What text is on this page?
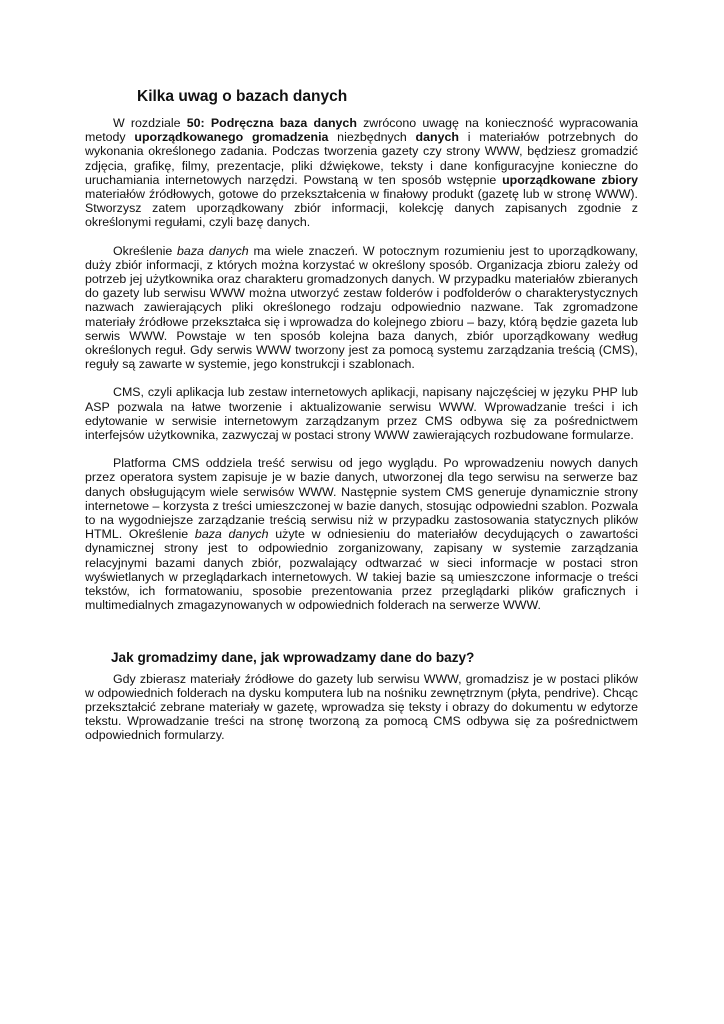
Kilka uwag o bazach danych

W rozdziale 50: Podręczna baza danych zwrócono uwagę na konieczność wypracowania metody uporządkowanego gromadzenia niezbędnych danych i materiałów potrzebnych do wykonania określonego zadania. Podczas tworzenia gazety czy strony WWW, będziesz gromadzić zdjęcia, grafikę, filmy, prezentacje, pliki dźwiękowe, teksty i dane konfiguracyjne konieczne do uruchamiania internetowych narzędzi. Powstaną w ten sposób wstępnie uporządkowane zbiory materiałów źródłowych, gotowe do przekształcenia w finałowy produkt (gazetę lub w stronę WWW). Stworzysz zatem uporządkowany zbiór informacji, kolekcję danych zapisanych zgodnie z określonymi regułami, czyli bazę danych.

Określenie baza danych ma wiele znaczeń. W potocznym rozumieniu jest to uporządkowany, duży zbiór informacji, z których można korzystać w określony sposób. Organizacja zbioru zależy od potrzeb jej użytkownika oraz charakteru gromadzonych danych. W przypadku materiałów zbieranych do gazety lub serwisu WWW można utworzyć zestaw folderów i podfolderów o charakterystycznych nazwach zawierających pliki określonego rodzaju odpowiednio nazwane. Tak zgromadzone materiały źródłowe przekształca się i wprowadza do kolejnego zbioru – bazy, którą będzie gazeta lub serwis WWW. Powstaje w ten sposób kolejna baza danych, zbiór uporządkowany według określonych reguł. Gdy serwis WWW tworzony jest za pomocą systemu zarządzania treścią (CMS), reguły są zawarte w systemie, jego konstrukcji i szablonach.

CMS, czyli aplikacja lub zestaw internetowych aplikacji, napisany najczęściej w języku PHP lub ASP pozwala na łatwe tworzenie i aktualizowanie serwisu WWW. Wprowadzanie treści i ich edytowanie w serwisie internetowym zarządzanym przez CMS odbywa się za pośrednictwem interfejsów użytkownika, zazwyczaj w postaci strony WWW zawierających rozbudowane formularze.

Platforma CMS oddziela treść serwisu od jego wyglądu. Po wprowadzeniu nowych danych przez operatora system zapisuje je w bazie danych, utworzonej dla tego serwisu na serwerze baz danych obsługującym wiele serwisów WWW. Następnie system CMS generuje dynamicznie strony internetowe – korzysta z treści umieszczonej w bazie danych, stosując odpowiedni szablon. Pozwala to na wygodniejsze zarządzanie treścią serwisu niż w przypadku zastosowania statycznych plików HTML. Określenie baza danych użyte w odniesieniu do materiałów decydujących o zawartości dynamicznej strony jest to odpowiednio zorganizowany, zapisany w systemie zarządzania relacyjnymi bazami danych zbiór, pozwalający odtwarzać w sieci informacje w postaci stron wyświetlanych w przeglądarkach internetowych. W takiej bazie są umieszczone informacje o treści tekstów, ich formatowaniu, sposobie prezentowania przez przeglądarki plików graficznych i multimedialnych zmagazynowanych w odpowiednich folderach na serwerze WWW.

Jak gromadzimy dane, jak wprowadzamy dane do bazy?

Gdy zbierasz materiały źródłowe do gazety lub serwisu WWW, gromadzisz je w postaci plików w odpowiednich folderach na dysku komputera lub na nośniku zewnętrznym (płyta, pendrive). Chcąc przekształcić zebrane materiały w gazetę, wprowadza się teksty i obrazy do dokumentu w edytorze tekstu. Wprowadzanie treści na stronę tworzoną za pomocą CMS odbywa się za pośrednictwem odpowiednich formularzy.
